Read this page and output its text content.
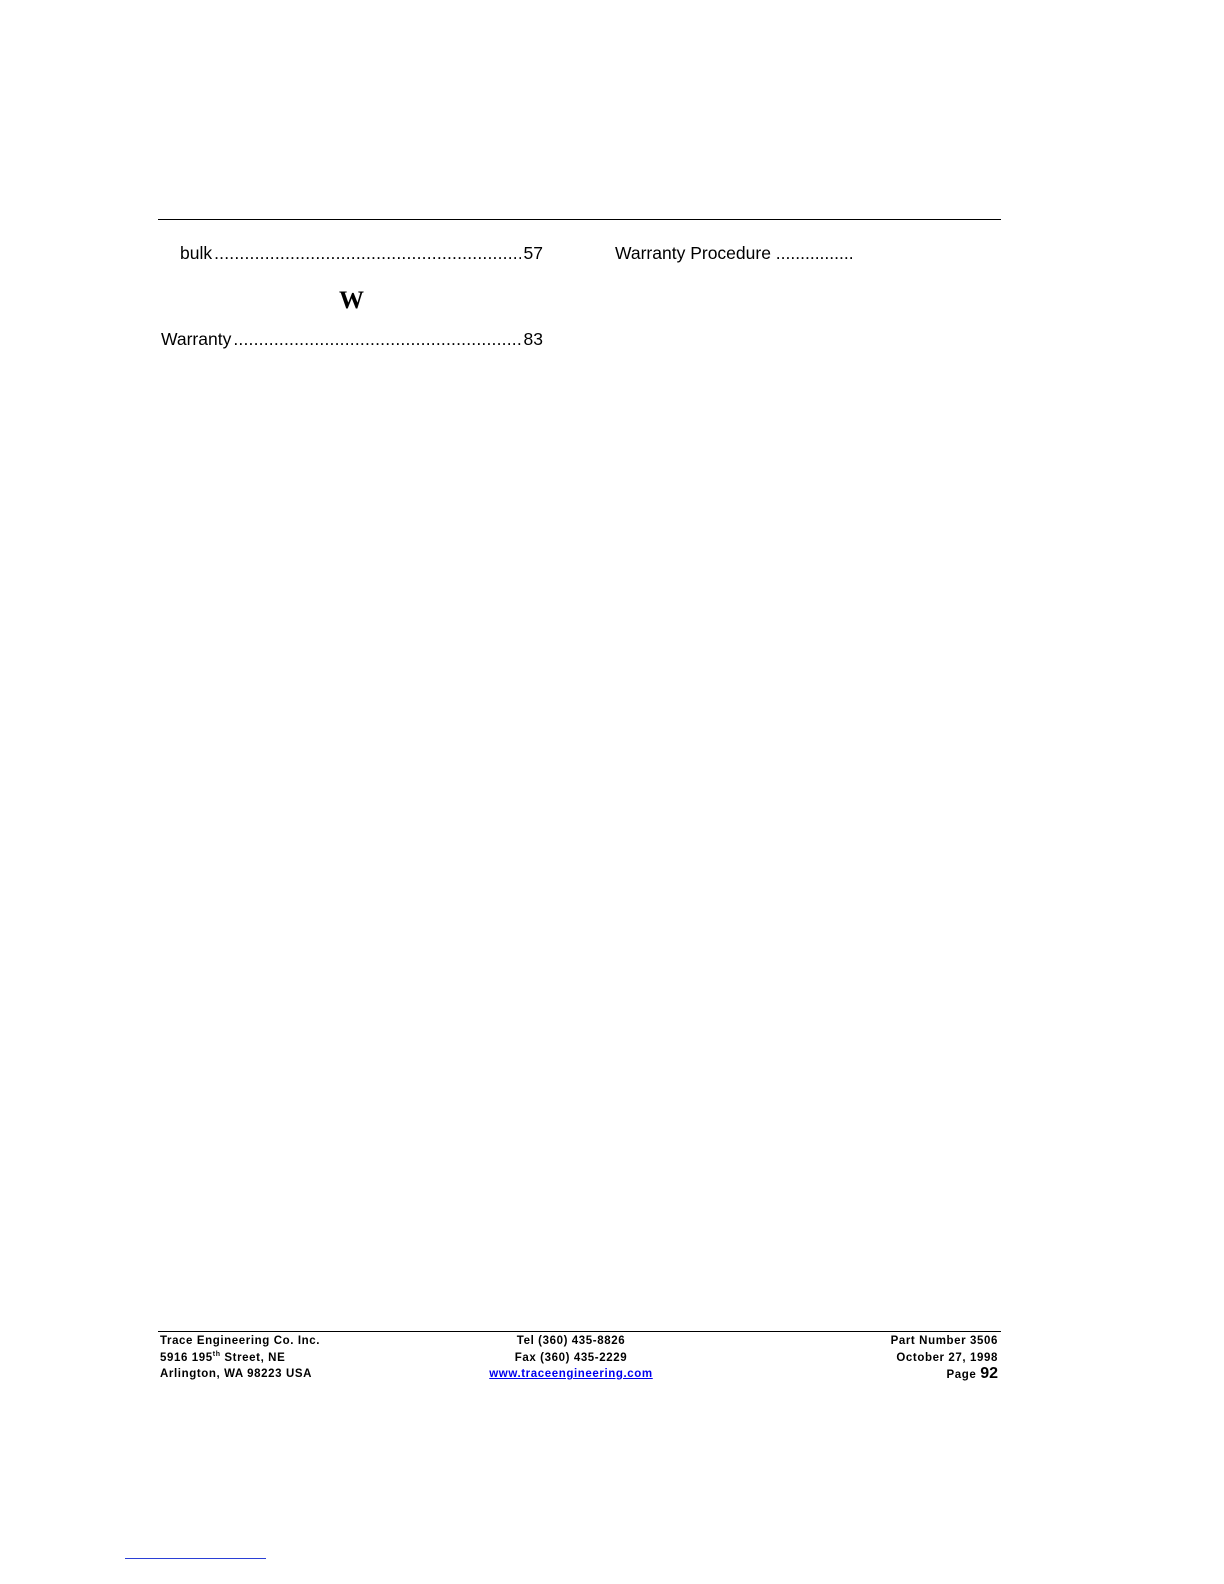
bulk .....	57
W
Warranty .....	83
Warranty Procedure ................
Trace Engineering Co. Inc.
5916 195th Street, NE
Arlington, WA 98223 USA
Tel (360) 435-8826
Fax (360) 435-2229
www.traceengineering.com
Part Number 3506
October 27, 1998
Page 92
